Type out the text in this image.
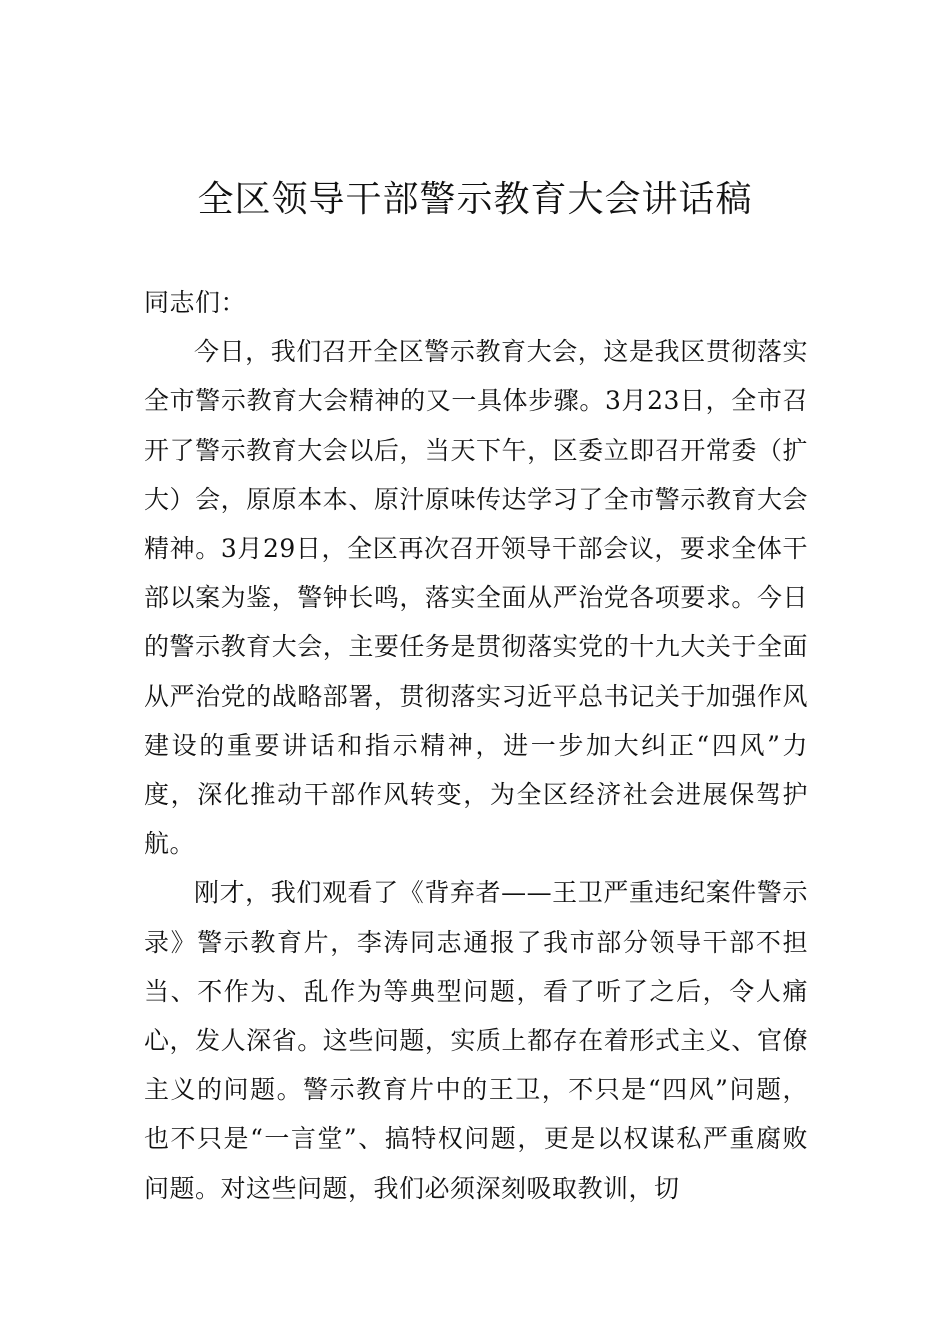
全区领导干部警示教育大会讲话稿

同志们：

今日，我们召开全区警示教育大会，这是我区贯彻落实全市警示教育大会精神的又一具体步骤。3月23日，全市召开了警示教育大会以后，当天下午，区委立即召开常委（扩大）会，原原本本、原汁原味传达学习了全市警示教育大会精神。3月29日，全区再次召开领导干部会议，要求全体干部以案为鉴，警钟长鸣，落实全面从严治党各项要求。今日的警示教育大会，主要任务是贯彻落实党的十九大关于全面从严治党的战略部署，贯彻落实习近平总书记关于加强作风建设的重要讲话和指示精神，进一步加大纠正“四风”力度，深化推动干部作风转变，为全区经济社会进展保驾护航。

刚才，我们观看了《背弃者——王卫严重违纪案件警示录》警示教育片，李涛同志通报了我市部分领导干部不担当、不作为、乱作为等典型问题，看了听了之后，令人痛心，发人深省。这些问题，实质上都存在着形式主义、官僚主义的问题。警示教育片中的王卫，不只是“四风”问题，也不只是“一言堂”、搞特权问题，更是以权谋私严重腐败问题。对这些问题，我们必须深刻吸取教训，切
